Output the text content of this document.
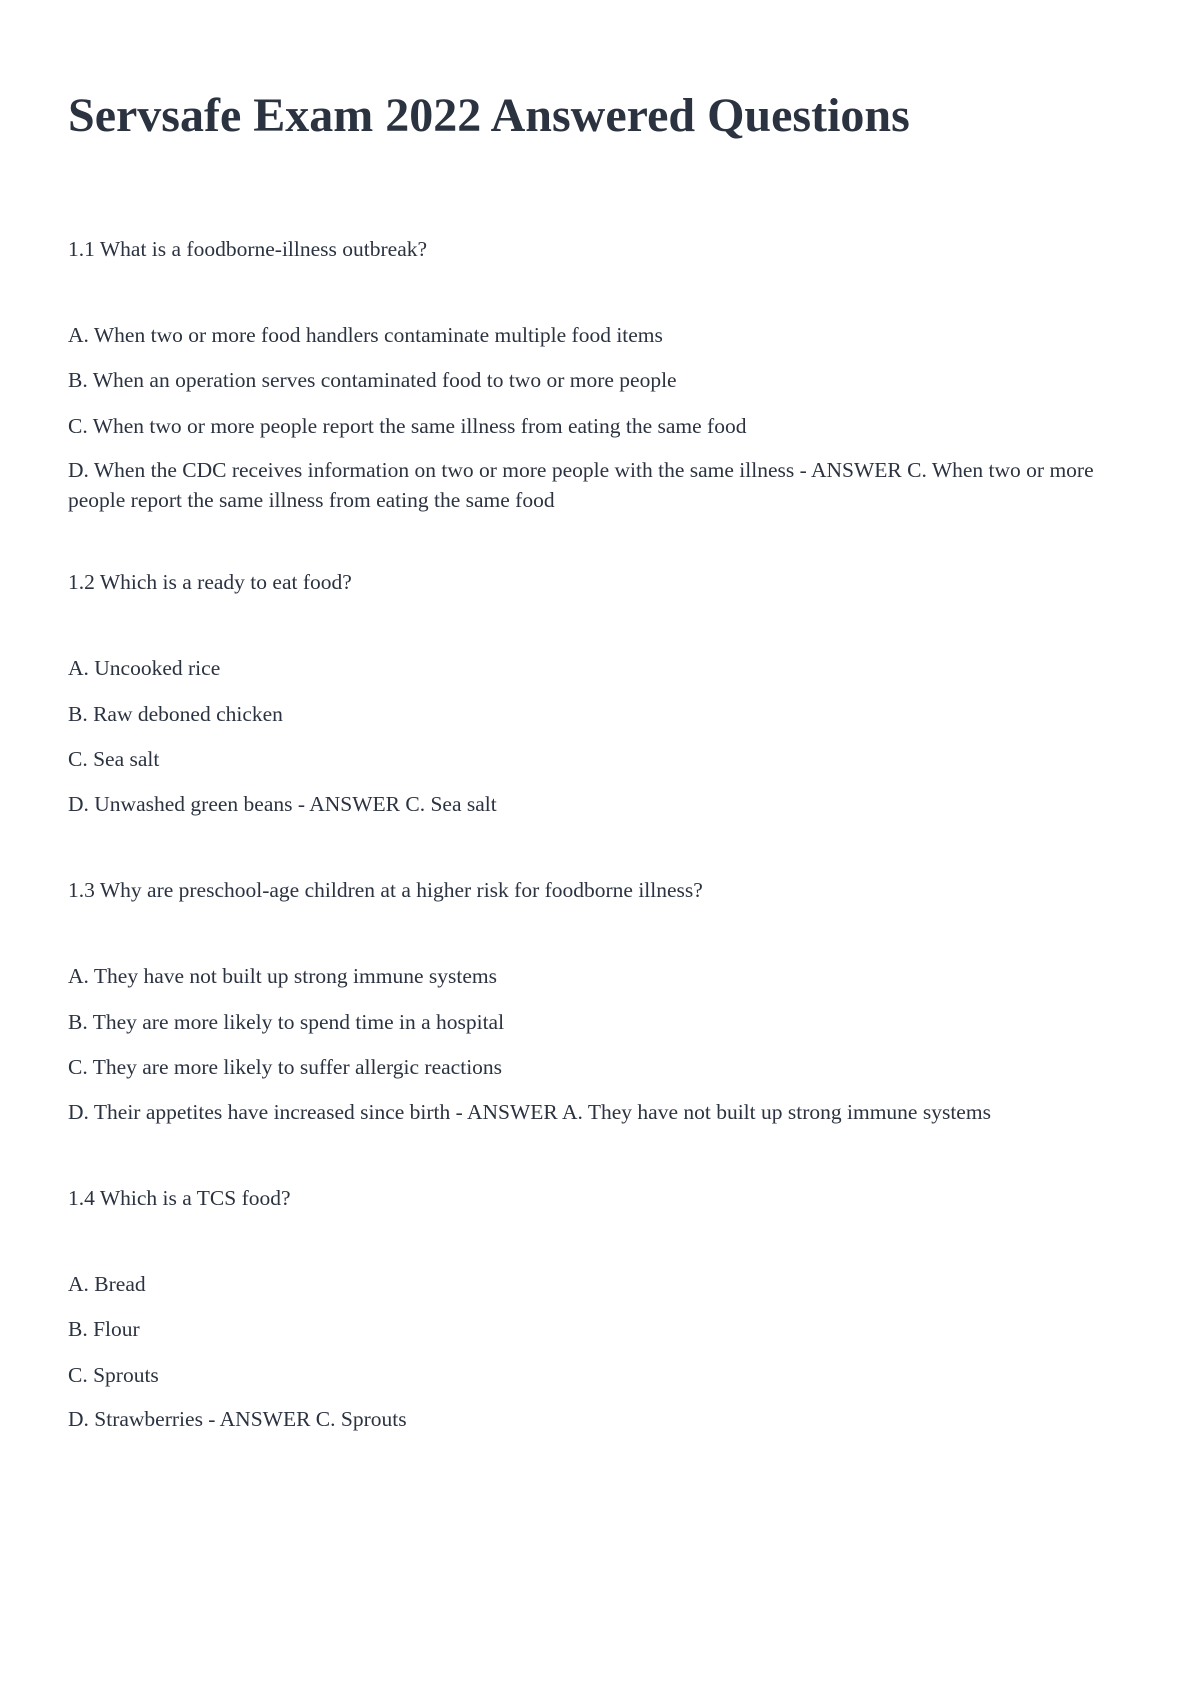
Servsafe Exam 2022 Answered Questions

1.1 What is a foodborne-illness outbreak?

A. When two or more food handlers contaminate multiple food items

B. When an operation serves contaminated food to two or more people

C. When two or more people report the same illness from eating the same food

D. When the CDC receives information on two or more people with the same illness - ANSWER C. When two or more people report the same illness from eating the same food

1.2 Which is a ready to eat food?

A. Uncooked rice

B. Raw deboned chicken

C. Sea salt

D. Unwashed green beans - ANSWER C. Sea salt

1.3 Why are preschool-age children at a higher risk for foodborne illness?

A. They have not built up strong immune systems

B. They are more likely to spend time in a hospital

C. They are more likely to suffer allergic reactions

D. Their appetites have increased since birth - ANSWER A. They have not built up strong immune systems

1.4 Which is a TCS food?

A. Bread

B. Flour

C. Sprouts

D. Strawberries - ANSWER C. Sprouts
